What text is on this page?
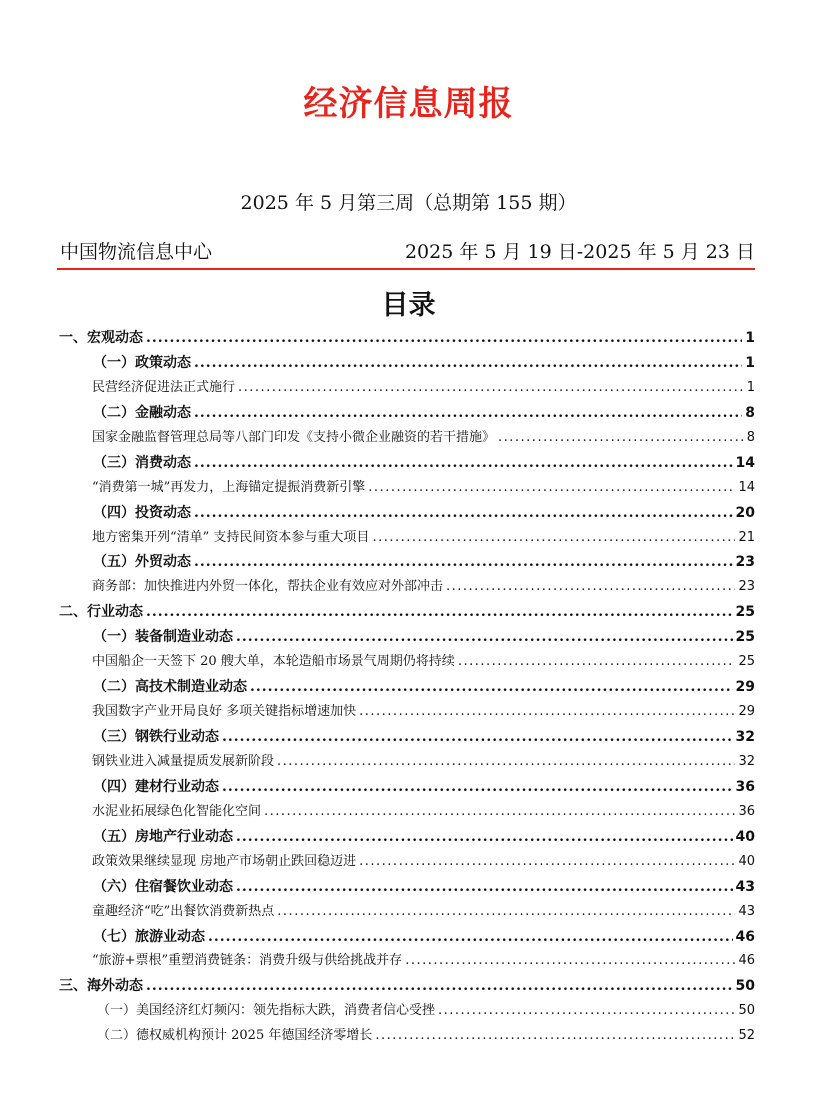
经济信息周报
2025 年 5 月第三周（总期第 155 期）
中国物流信息中心	2025 年 5 月 19 日-2025 年 5 月 23 日
目录
一、宏观动态 .....	1
（一）政策动态 .....	1
民营经济促进法正式施行 .....	1
（二）金融动态 .....	8
国家金融监督管理总局等八部门印发《支持小微企业融资的若干措施》 .....	8
（三）消费动态 .....	14
“消费第一城”再发力，上海锚定提振消费新引擎 .....	14
（四）投资动态 .....	20
地方密集开列“清单” 支持民间资本参与重大项目 .....	21
（五）外贸动态 .....	23
商务部：加快推进内外贸一体化，帮扶企业有效应对外部冲击 .....	23
二、行业动态 .....	25
（一）装备制造业动态 .....	25
中国船企一天签下 20 艘大单，本轮造船市场景气周期仍将持续 .....	25
（二）高技术制造业动态 .....	29
我国数字产业开局良好 多项关键指标增速加快 .....	29
（三）钢铁行业动态 .....	32
钢铁业进入减量提质发展新阶段 .....	32
（四）建材行业动态 .....	36
水泥业拓展绿色化智能化空间 .....	36
（五）房地产行业动态 .....	40
政策效果继续显现 房地产市场朝止跌回稳迈进 .....	40
（六）住宿餐饮业动态 .....	43
童趣经济“吃”出餐饮消费新热点 .....	43
（七）旅游业动态 .....	46
“旅游+票根”重塑消费链条：消费升级与供给挑战并存 .....	46
三、海外动态 .....	50
（一）美国经济红灯频闪：领先指标大跌，消费者信心受挫 .....	50
（二）德权威机构预计 2025 年德国经济零增长 .....	52
